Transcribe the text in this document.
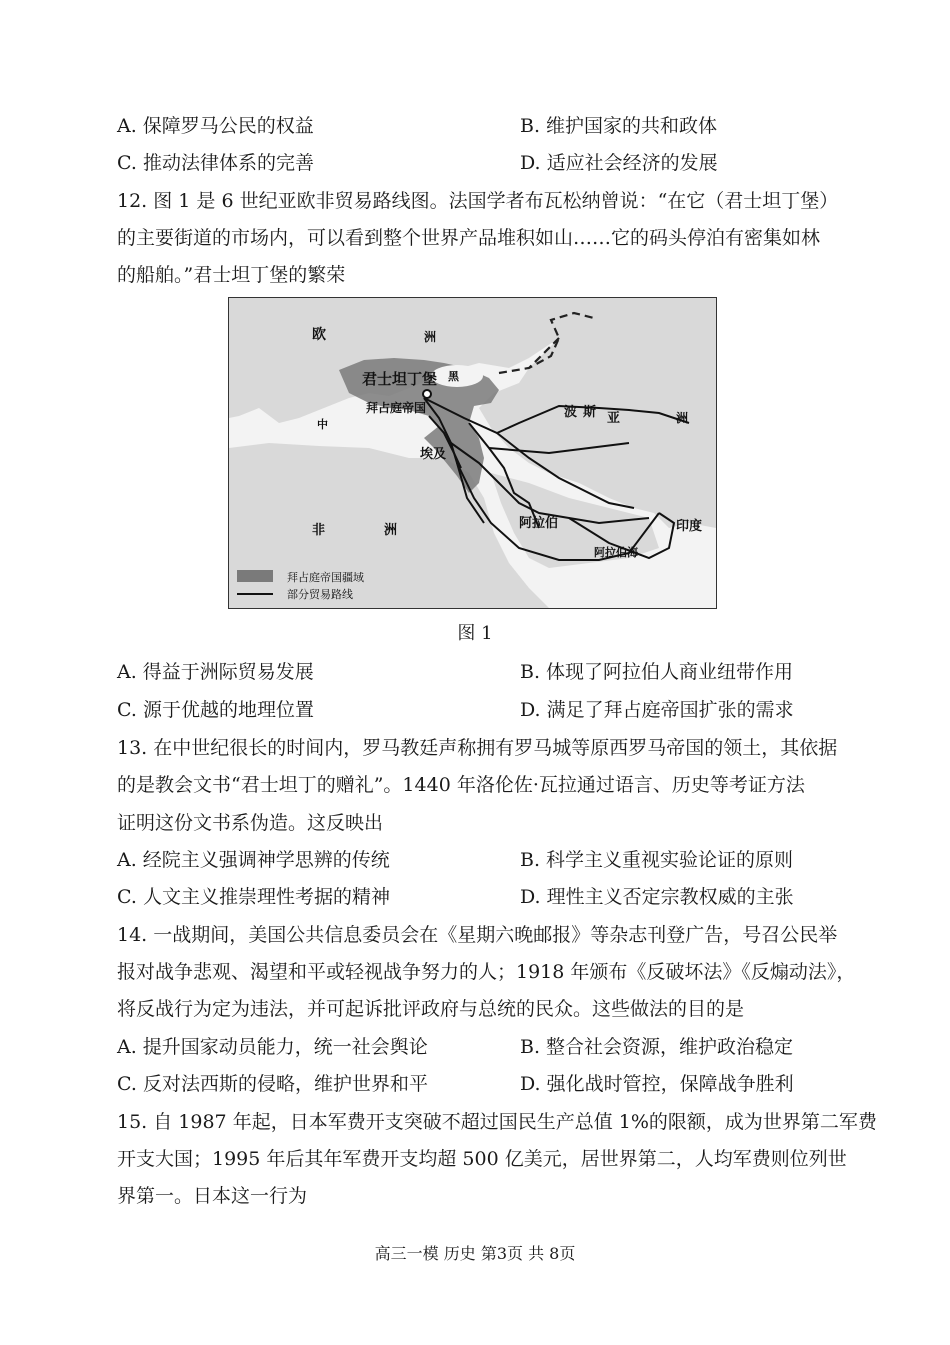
A. 保障罗马公民的权益	B. 维护国家的共和政体
C. 推动法律体系的完善	D. 适应社会经济的发展
12. 图 1 是 6 世纪亚欧非贸易路线图。法国学者布瓦松纳曾说：“在它（君士坦丁堡）
的主要街道的市场内，可以看到整个世界产品堆积如山……它的码头停泊有密集如林
的船舶。”君士坦丁堡的繁荣
欧	洲
君士坦丁堡
拜占庭帝国
黑
中
波斯 亚	洲
埃及
阿拉伯
阿拉伯海
印度
非	洲
拜占庭帝国疆域
部分贸易路线
图 1
A. 得益于洲际贸易发展	B. 体现了阿拉伯人商业纽带作用
C. 源于优越的地理位置	D. 满足了拜占庭帝国扩张的需求
13. 在中世纪很长的时间内，罗马教廷声称拥有罗马城等原西罗马帝国的领土，其依据
的是教会文书“君士坦丁的赠礼”。1440 年洛伦佐·瓦拉通过语言、历史等考证方法
证明这份文书系伪造。这反映出
A. 经院主义强调神学思辨的传统	B. 科学主义重视实验论证的原则
C. 人文主义推崇理性考据的精神	D. 理性主义否定宗教权威的主张
14. 一战期间，美国公共信息委员会在《星期六晚邮报》等杂志刊登广告，号召公民举
报对战争悲观、渴望和平或轻视战争努力的人；1918 年颁布《反破坏法》《反煽动法》，
将反战行为定为违法，并可起诉批评政府与总统的民众。这些做法的目的是
A. 提升国家动员能力，统一社会舆论	B. 整合社会资源，维护政治稳定
C. 反对法西斯的侵略，维护世界和平	D. 强化战时管控，保障战争胜利
15. 自 1987 年起，日本军费开支突破不超过国民生产总值 1%的限额，成为世界第二军费
开支大国；1995 年后其年军费开支均超 500 亿美元，居世界第二，人均军费则位列世
界第一。日本这一行为
高三一模 历史 第3页 共 8页
